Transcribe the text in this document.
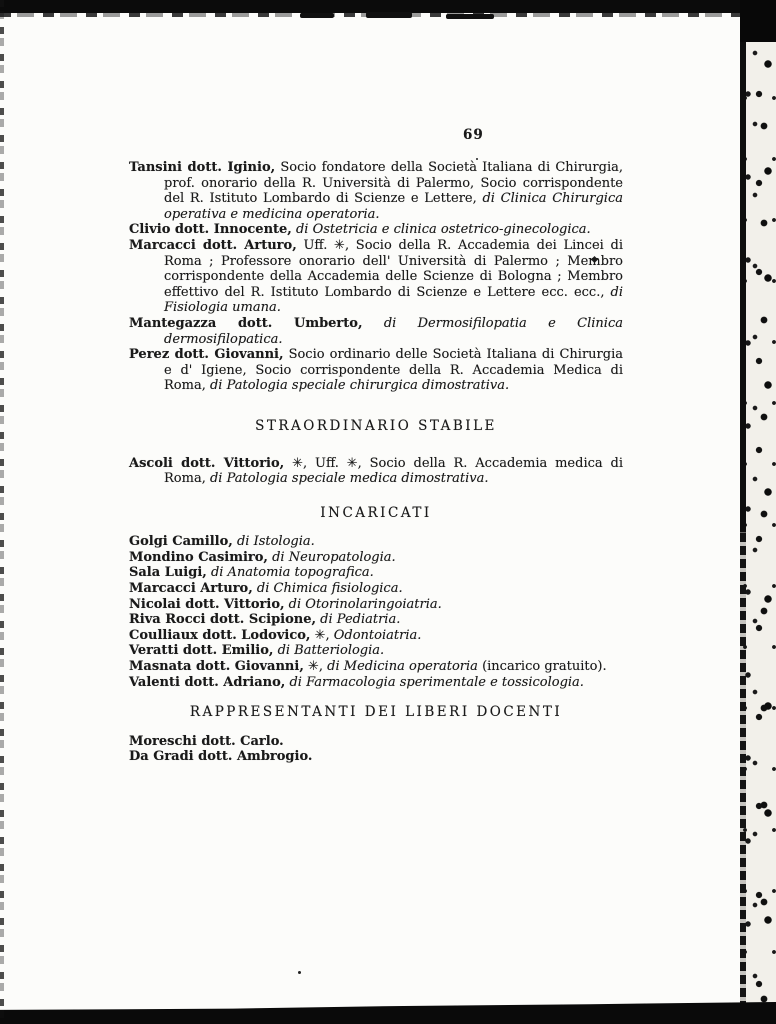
69
Tansini dott. Iginio, Socio fondatore della Società Italiana di Chirurgia, prof. onorario della R. Università di Palermo, Socio corrispondente del R. Istituto Lombardo di Scienze e Lettere, di Clinica Chirurgica operativa e medicina operatoria.
Clivio dott. Innocente, di Ostetricia e clinica ostetrico-ginecologica.
Marcacci dott. Arturo, Uff. ✳, Socio della R. Accademia dei Lincei di Roma ; Professore onorario dell' Università di Palermo ; Membro corrispondente della Accademia delle Scienze di Bologna ; Membro effettivo del R. Istituto Lombardo di Scienze e Lettere ecc. ecc., di Fisiologia umana.
Mantegazza dott. Umberto, di Dermosifilopatia e Clinica dermosifilopatica.
Perez dott. Giovanni, Socio ordinario delle Società Italiana di Chirurgia e d' Igiene, Socio corrispondente della R. Accademia Medica di Roma, di Patologia speciale chirurgica dimostrativa.
STRAORDINARIO STABILE
Ascoli dott. Vittorio, ✳, Uff. ✳, Socio della R. Accademia medica di Roma, di Patologia speciale medica dimostrativa.
INCARICATI
Golgi Camillo, di Istologia.
Mondino Casimiro, di Neuropatologia.
Sala Luigi, di Anatomia topografica.
Marcacci Arturo, di Chimica fisiologica.
Nicolai dott. Vittorio, di Otorinolaringoiatria.
Riva Rocci dott. Scipione, di Pediatria.
Coulliaux dott. Lodovico, ✳, Odontoiatria.
Veratti dott. Emilio, di Batteriologia.
Masnata dott. Giovanni, ✳, di Medicina operatoria (incarico gratuito).
Valenti dott. Adriano, di Farmacologia sperimentale e tossicologia.
RAPPRESENTANTI DEI LIBERI DOCENTI
Moreschi dott. Carlo.
Da Gradi dott. Ambrogio.
